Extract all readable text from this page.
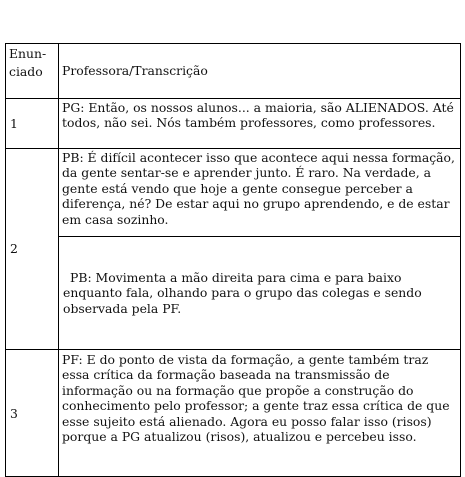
Enun-
ciado	Professora/Transcrição
1	PG: Então, os nossos alunos... a maioria, são ALIENADOS. Até todos, não sei. Nós também professores, como professores.
2	PB: É difícil acontecer isso que acontece aqui nessa formação, da gente sentar-se e aprender junto. É raro. Na verdade, a gente está vendo que hoje a gente consegue perceber a diferença, né? De estar aqui no grupo aprendendo, e de estar em casa sozinho.

	PB: Movimenta a mão direita para cima e para baixo enquanto fala, olhando para o grupo das colegas e sendo observada pela PF.

3	PF: E do ponto de vista da formação, a gente também traz essa crítica da formação baseada na transmissão de informação ou na formação que propõe a construção do conhecimento pelo professor; a gente traz essa crítica de que esse sujeito está alienado. Agora eu posso falar isso (risos) porque a PG atualizou (risos), atualizou e percebeu isso.
